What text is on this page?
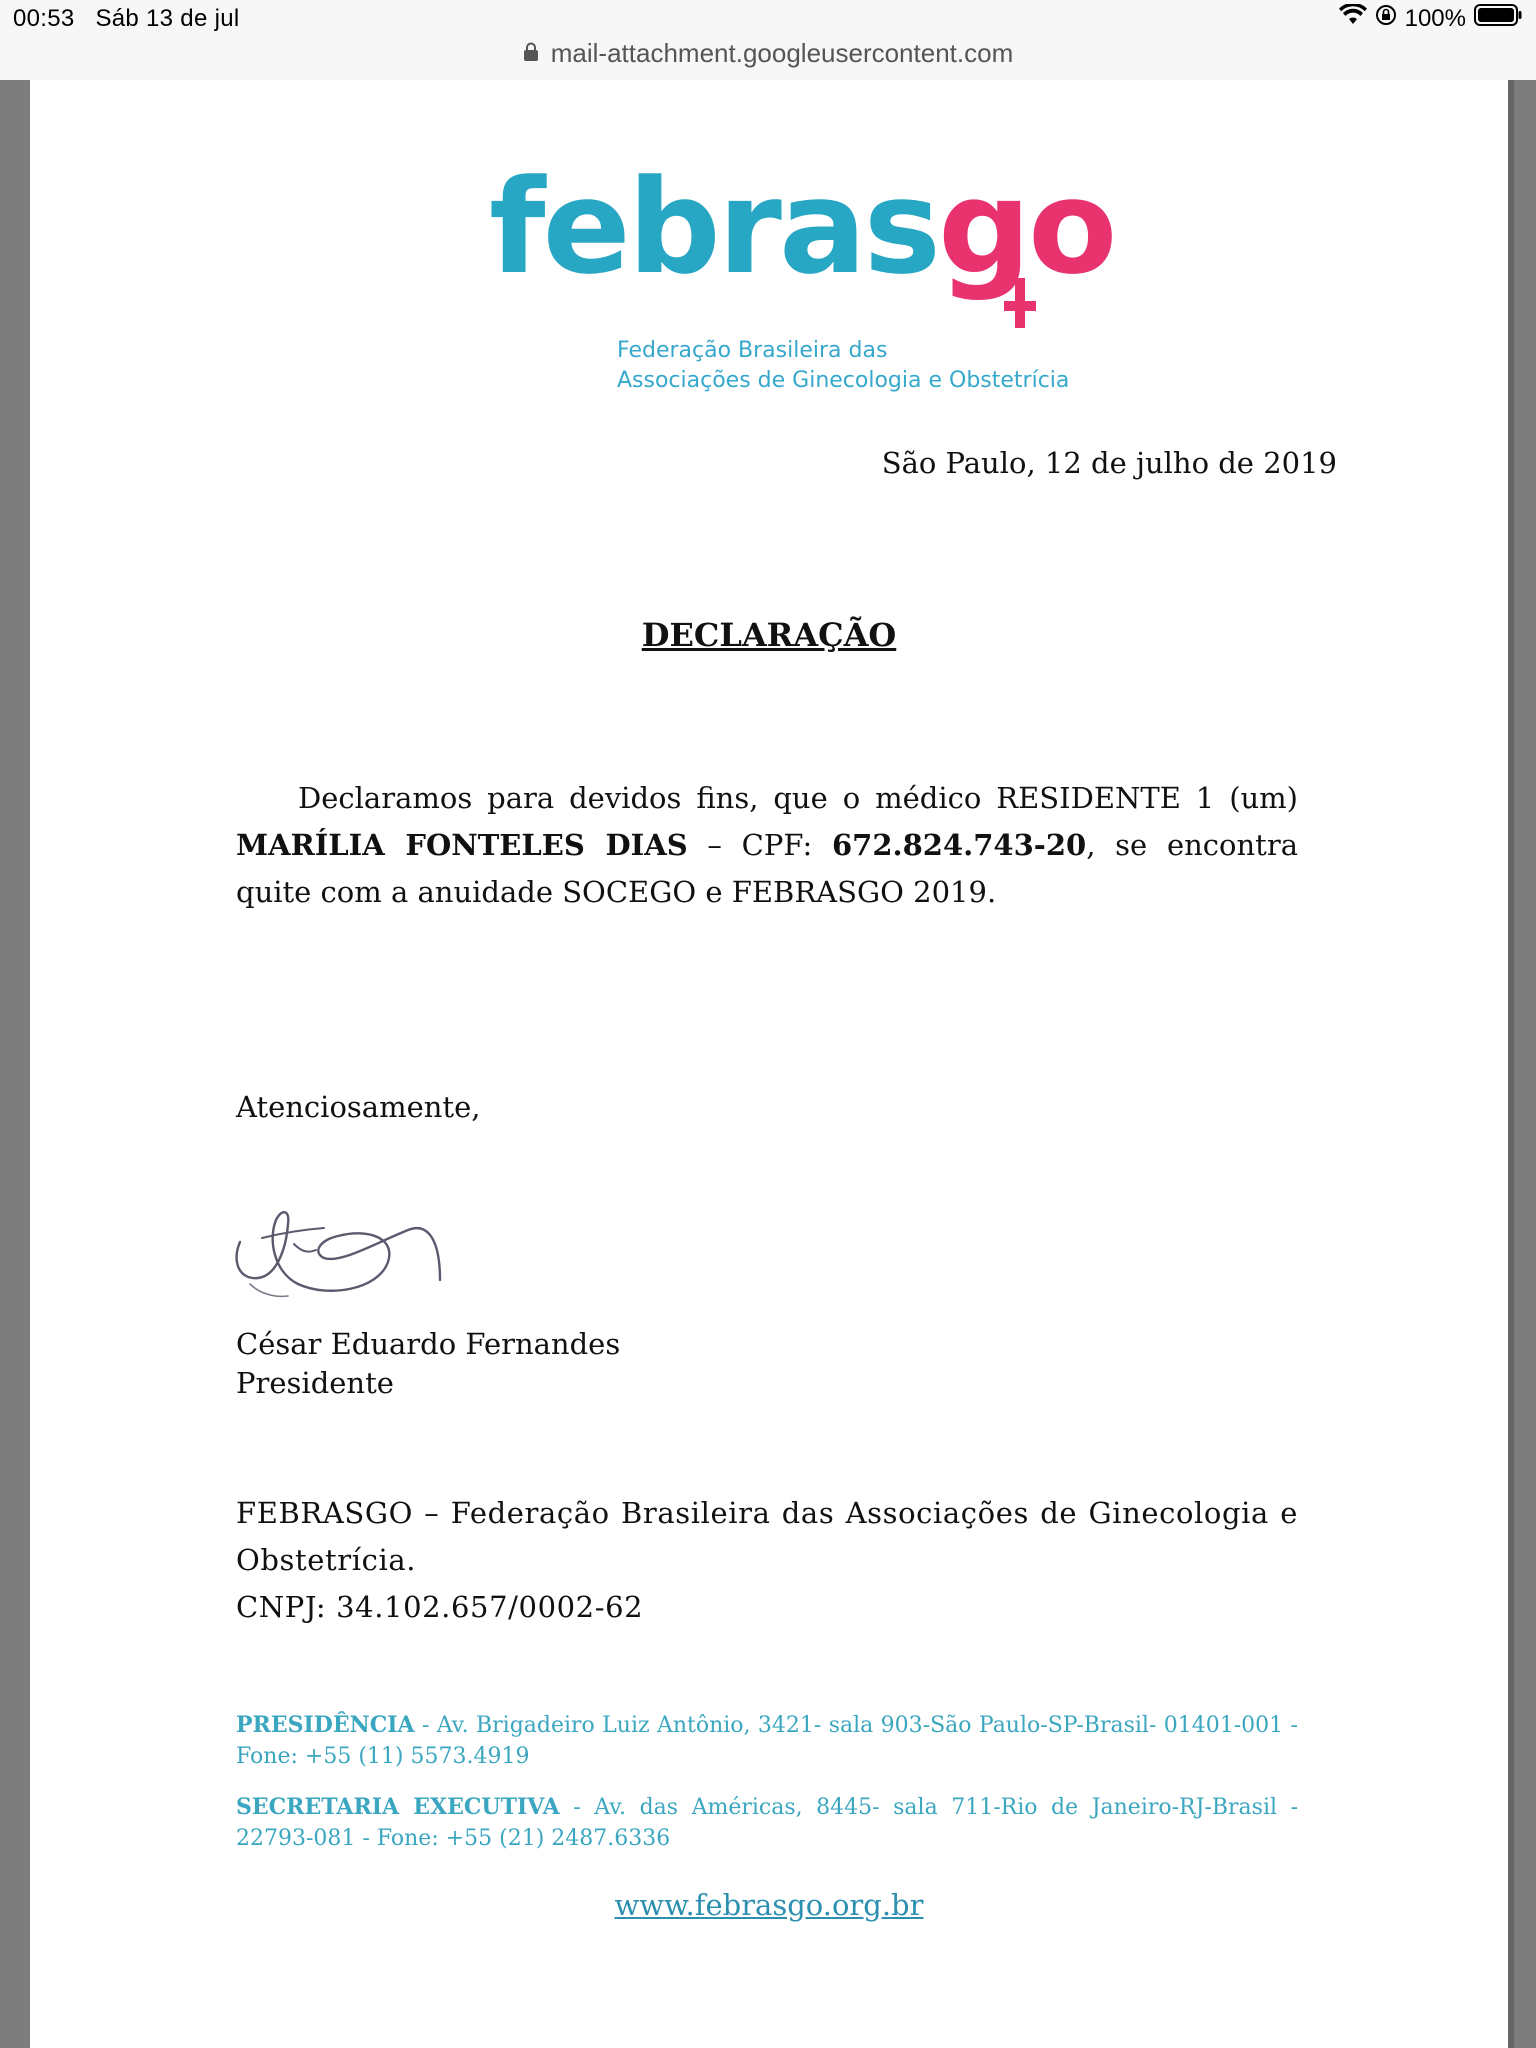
00:53 Sáb 13 de jul	100%
mail-attachment.googleusercontent.com
febrasgo
Federação Brasileira das
Associações de Ginecologia e Obstetrícia
São Paulo, 12 de julho de 2019
DECLARAÇÃO
Declaramos para devidos fins, que o médico RESIDENTE 1 (um) MARÍLIA FONTELES DIAS – CPF: 672.824.743-20, se encontra quite com a anuidade SOCEGO e FEBRASGO 2019.
Atenciosamente,
César Eduardo Fernandes
Presidente
FEBRASGO – Federação Brasileira das Associações de Ginecologia e Obstetrícia.
CNPJ: 34.102.657/0002-62
PRESIDÊNCIA - Av. Brigadeiro Luiz Antônio, 3421- sala 903-São Paulo-SP-Brasil- 01401-001 - Fone: +55 (11) 5573.4919
SECRETARIA EXECUTIVA - Av. das Américas, 8445- sala 711-Rio de Janeiro-RJ-Brasil - 22793-081 - Fone: +55 (21) 2487.6336
www.febrasgo.org.br
